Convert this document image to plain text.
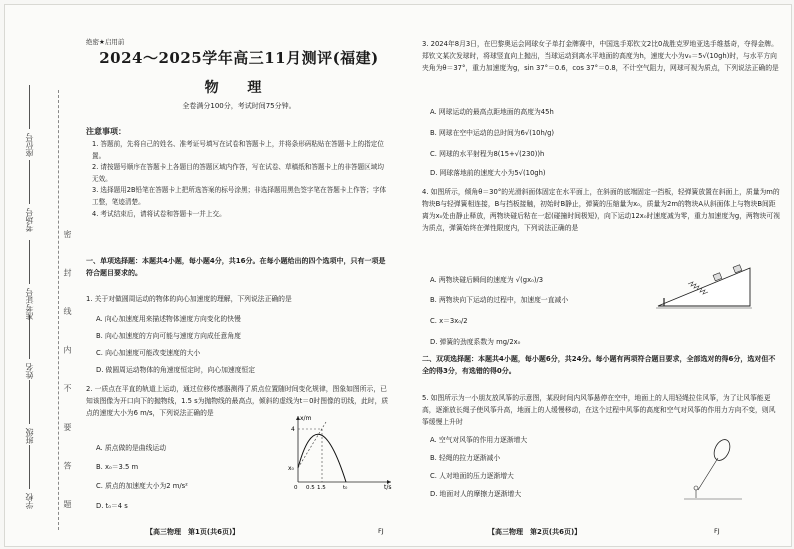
学校
班级
姓名
准考证号
考场号
座位号
密 封 线 内 不 要 答 题
绝密★启用前
2024～2025学年高三11月测评(福建)
物 理
全卷满分100分，考试时间75分钟。
注意事项：
1. 答题前，先将自己的姓名、准考证号填写在试卷和答题卡上，并将条形码粘贴在答题卡上的指定位置。
2. 请按题号顺序在答题卡上各题目的答题区域内作答，写在试卷、草稿纸和答题卡上的非答题区域均无效。
3. 选择题用2B铅笔在答题卡上把所选答案的标号涂黑；非选择题用黑色签字笔在答题卡上作答；字体工整，笔迹清楚。
4. 考试结束后，请将试卷和答题卡一并上交。
一、单项选择题：本题共4小题，每小题4分，共16分。在每小题给出的四个选项中，只有一项是符合题目要求的。
1. 关于对做圆周运动的物体的向心加速度的理解，下列说法正确的是
A. 向心加速度用来描述物体速度方向变化的快慢
B. 向心加速度的方向可能与速度方向成任意角度
C. 向心加速度可能改变速度的大小
D. 做圆周运动物体的角速度恒定时，向心加速度恒定
2. 一质点在平直的轨道上运动，通过位移传感器测得了质点位置随时间变化规律，图象如图所示，已知该图像为开口向下的抛物线，1.5 s为抛物线的最高点，倾斜的虚线为t＝0时图像的切线，此时，质点的速度大小为6 m/s，下列说法正确的是
A. 质点做的是曲线运动
B. x₀＝3.5 m
C. 质点的加速度大小为2 m/s²
D. t₀＝4 s
x/m
t/s
4
x₀
0 0.5 1.5	t₀
【高三物理　第1页(共6页)】	FJ
3. 2024年8月3日，在巴黎奥运会网球女子单打金牌赛中，中国选手郑钦文2比0战胜克罗地亚选手维基奇，夺得金牌。郑钦文某次发球时，将球竖直向上抛出，当球运动到离水平地面的高度为h，速度大小为v₀＝5√(10gh)时，与水平方向夹角为θ＝37°，重力加速度为g，sin 37°＝0.6，cos 37°＝0.8，不计空气阻力，网球可视为质点，下列说法正确的是
A. 网球运动的最高点距地面的高度为45h
B. 网球在空中运动的总时间为6√(10h/g)
C. 网球的水平射程为8(15+√(230))h
D. 网球落地前的速度大小为5√(10gh)
4. 如图所示，倾角θ＝30°的光滑斜面体固定在水平面上，在斜面的底端固定一挡板，轻弹簧放置在斜面上，质量为m的物块B与轻弹簧相连接，B与挡板接触，初始时B静止，弹簧的压缩量为x₀，质量为2m的物块A从斜面体上与物块B间距离为x₀处由静止释放，两物块碰后粘在一起(碰撞时间极短)，向下运动12x₀时速度减为零，重力加速度为g，两物块可视为质点，弹簧始终在弹性限度内，下列说法正确的是
A. 两物块碰后瞬间的速度为 √(gx₀)/3
B. 两物块向下运动的过程中，加速度一直减小
C. x＝3x₀/2
D. 弹簧的劲度系数为 mg/2x₀
二、双项选择题：本题共4小题，每小题6分，共24分。每小题有两项符合题目要求，全部选对的得6分，选对但不全的得3分，有选错的得0分。
5. 如图所示为一小朋友放风筝的示意图，某段时间内风筝悬停在空中，地面上的人用轻绳拉住风筝，为了让风筝能更高，逐渐放长绳子使风筝升高，地面上的人缓慢移动，在这个过程中风筝的高度和空气对风筝的作用力方向不变，则风筝缓慢上升时
A. 空气对风筝的作用力逐渐增大
B. 轻绳的拉力逐渐减小
C. 人对地面的压力逐渐增大
D. 地面对人的摩擦力逐渐增大
【高三物理　第2页(共6页)】	FJ
